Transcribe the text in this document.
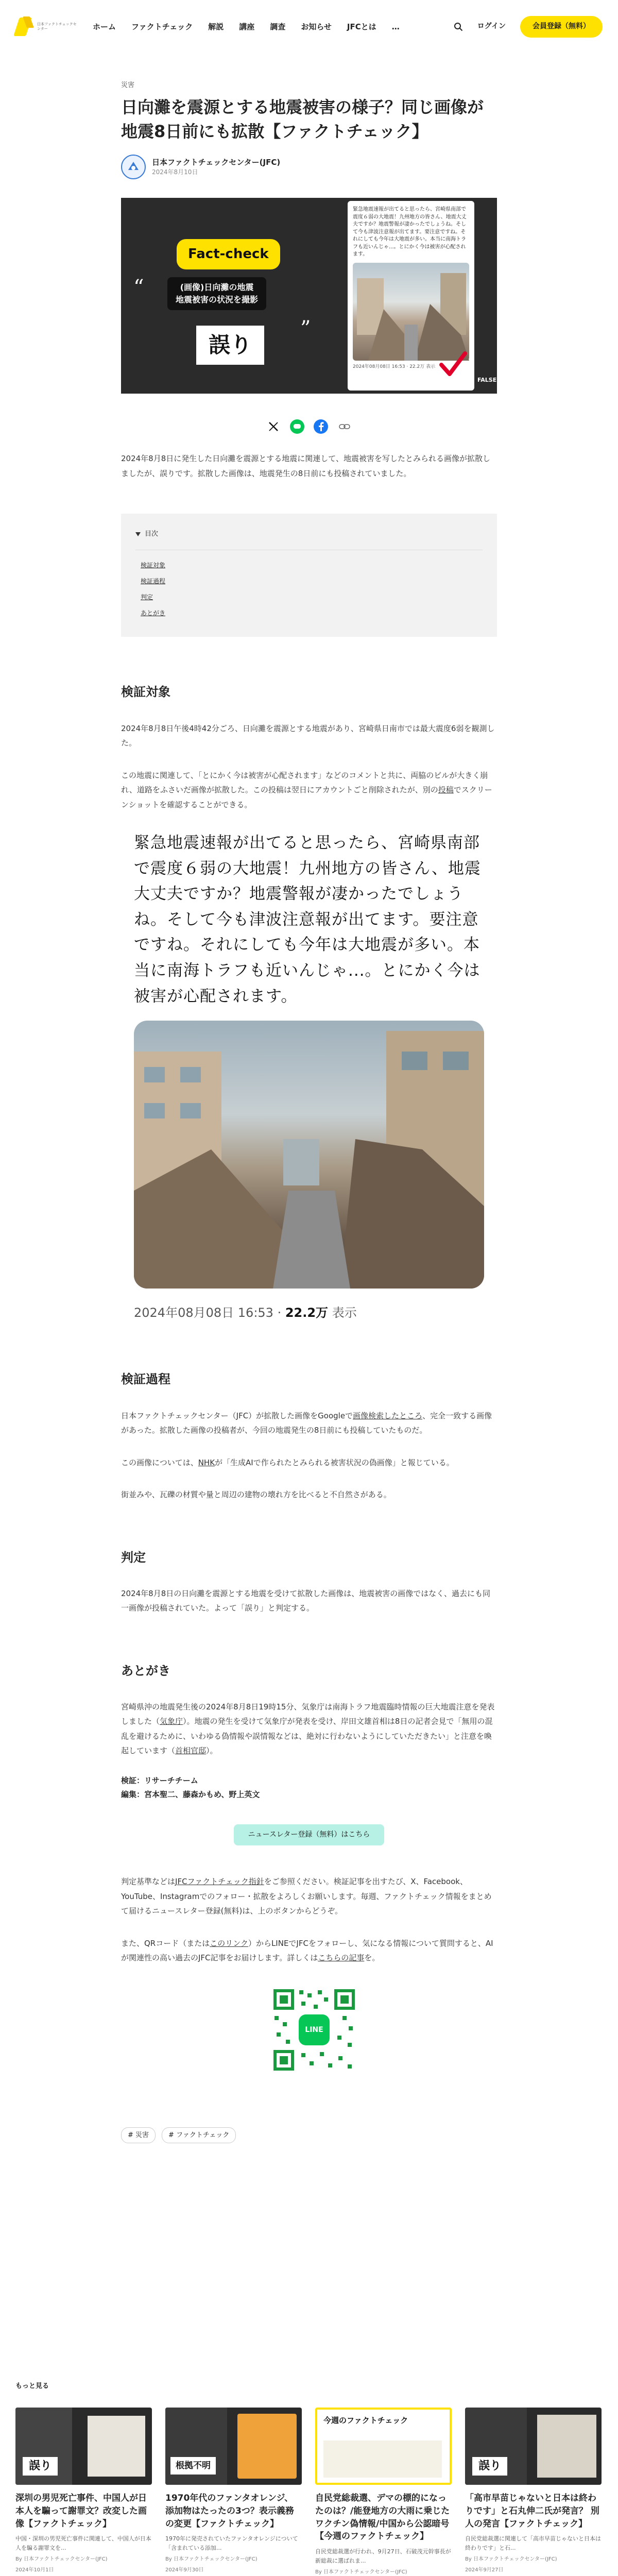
日本ファクトチェックセンター	ホーム ファクトチェック 解説 講座 調査 お知らせ JFCとは …	ログイン	会員登録（無料）
災害
日向灘を震源とする地震被害の様子？同じ画像が地震8日前にも拡散【ファクトチェック】
日本ファクトチェックセンター(JFC)
2024年8月10日
“
Fact-check
(画像)日向灘の地震
地震被害の状況を撮影
”
誤り
緊急地震速報が出てると思ったら、宮崎県南部で震度６弱の大地震！九州地方の皆さん、地震大丈夫ですか？地震警報が凄かったでしょうね。そして今も津波注意報が出てます。要注意ですね。それにしても今年は大地震が多い。本当に南海トラフも近いんじゃ...。とにかく今は被害が心配されます。
2024年08月08日 16:53 · 22.2万 表示
FALSE

2024年8月8日に発生した日向灘を震源とする地震に関連して、地震被害を写したとみられる画像が拡散しましたが、誤りです。拡散した画像は、地震発生の8日前にも投稿されていました。

目次
検証対象
検証過程
判定
あとがき
検証対象

2024年8月8日午後4時42分ごろ、日向灘を震源とする地震があり、宮崎県日南市では最大震度6弱を観測した。

この地震に関連して、「とにかく今は被害が心配されます」などのコメントと共に、両脇のビルが大きく崩れ、道路をふさいだ画像が拡散した。この投稿は翌日にアカウントごと削除されたが、別の投稿でスクリーンショットを確認することができる。

緊急地震速報が出てると思ったら、宮崎県南部で震度６弱の大地震！九州地方の皆さん、地震大丈夫ですか？地震警報が凄かったでしょうね。そして今も津波注意報が出てます。要注意ですね。それにしても今年は大地震が多い。本当に南海トラフも近いんじゃ...。とにかく今は被害が心配されます。
2024年08月08日 16:53 · 22.2万 表示
検証過程

日本ファクトチェックセンター（JFC）が拡散した画像をGoogleで画像検索したところ、完全一致する画像があった。拡散した画像の投稿者が、今回の地震発生の8日前にも投稿していたものだ。

この画像については、NHKが「生成AIで作られたとみられる被害状況の偽画像」と報じている。

街並みや、瓦礫の材質や量と周辺の建物の壊れ方を比べると不自然さがある。

判定

2024年8月8日の日向灘を震源とする地震を受けて拡散した画像は、地震被害の画像ではなく、過去にも同一画像が投稿されていた。よって「誤り」と判定する。

あとがき

宮崎県沖の地震発生後の2024年8月8日19時15分、気象庁は南海トラフ地震臨時情報の巨大地震注意を発表しました（気象庁）。地震の発生を受けて気象庁が発表を受け、岸田文雄首相は8日の記者会見で「無用の混乱を避けるために、いわゆる偽情報や誤情報などは、絶対に行わないようにしていただきたい」と注意を喚起しています（首相官邸）。

検証：リサーチチーム
編集：宮本聖二、藤森かもめ、野上英文
ニュースレター登録（無料）はこちら

判定基準などはJFCファクトチェック指針をご参照ください。検証記事を出すたび、X、Facebook、YouTube、Instagramでのフォロー・拡散をよろしくお願いします。毎週、ファクトチェック情報をまとめて届けるニュースレター登録(無料)は、上のボタンからどうぞ。

また、QRコード（またはこのリンク）からLINEでJFCをフォローし、気になる情報について質問すると、AIが関連性の高い過去のJFC記事をお届けします。詳しくはこちらの記事を。

LINE
# 災害	# ファクトチェック
もっと見る
誤り
深圳の男児死亡事件、中国人が日本人を騙って謝罪文？改変した画像【ファクトチェック】
中国・深圳の男児死亡事件に関連して、中国人が日本人を騙る謝罪文を...
By 日本ファクトチェックセンター(JFC)
2024年10月1日
根拠不明
1970年代のファンタオレンジ、添加物はたったの3つ？表示義務の変更【ファクトチェック】
1970年に発売されていたファンタオレンジについて「含まれている添加...
By 日本ファクトチェックセンター(JFC)
2024年9月30日
今週のファクトチェック
自民党総裁選、デマの標的になったのは？/能登地方の大雨に乗じたワクチン偽情報/中国から公認暗号【今週のファクトチェック】
自民党総裁選が行われ、9月27日、石破茂元幹事長が新総裁に選ばれま...
By 日本ファクトチェックセンター(JFC)
誤り
「高市早苗じゃないと日本は終わりです」と石丸伸二氏が発言？ 別人の発言【ファクトチェック】
自民党総裁選に関連して「高市早苗じゃないと日本は終わりです」と石...
By 日本ファクトチェックセンター(JFC)
2024年9月27日
